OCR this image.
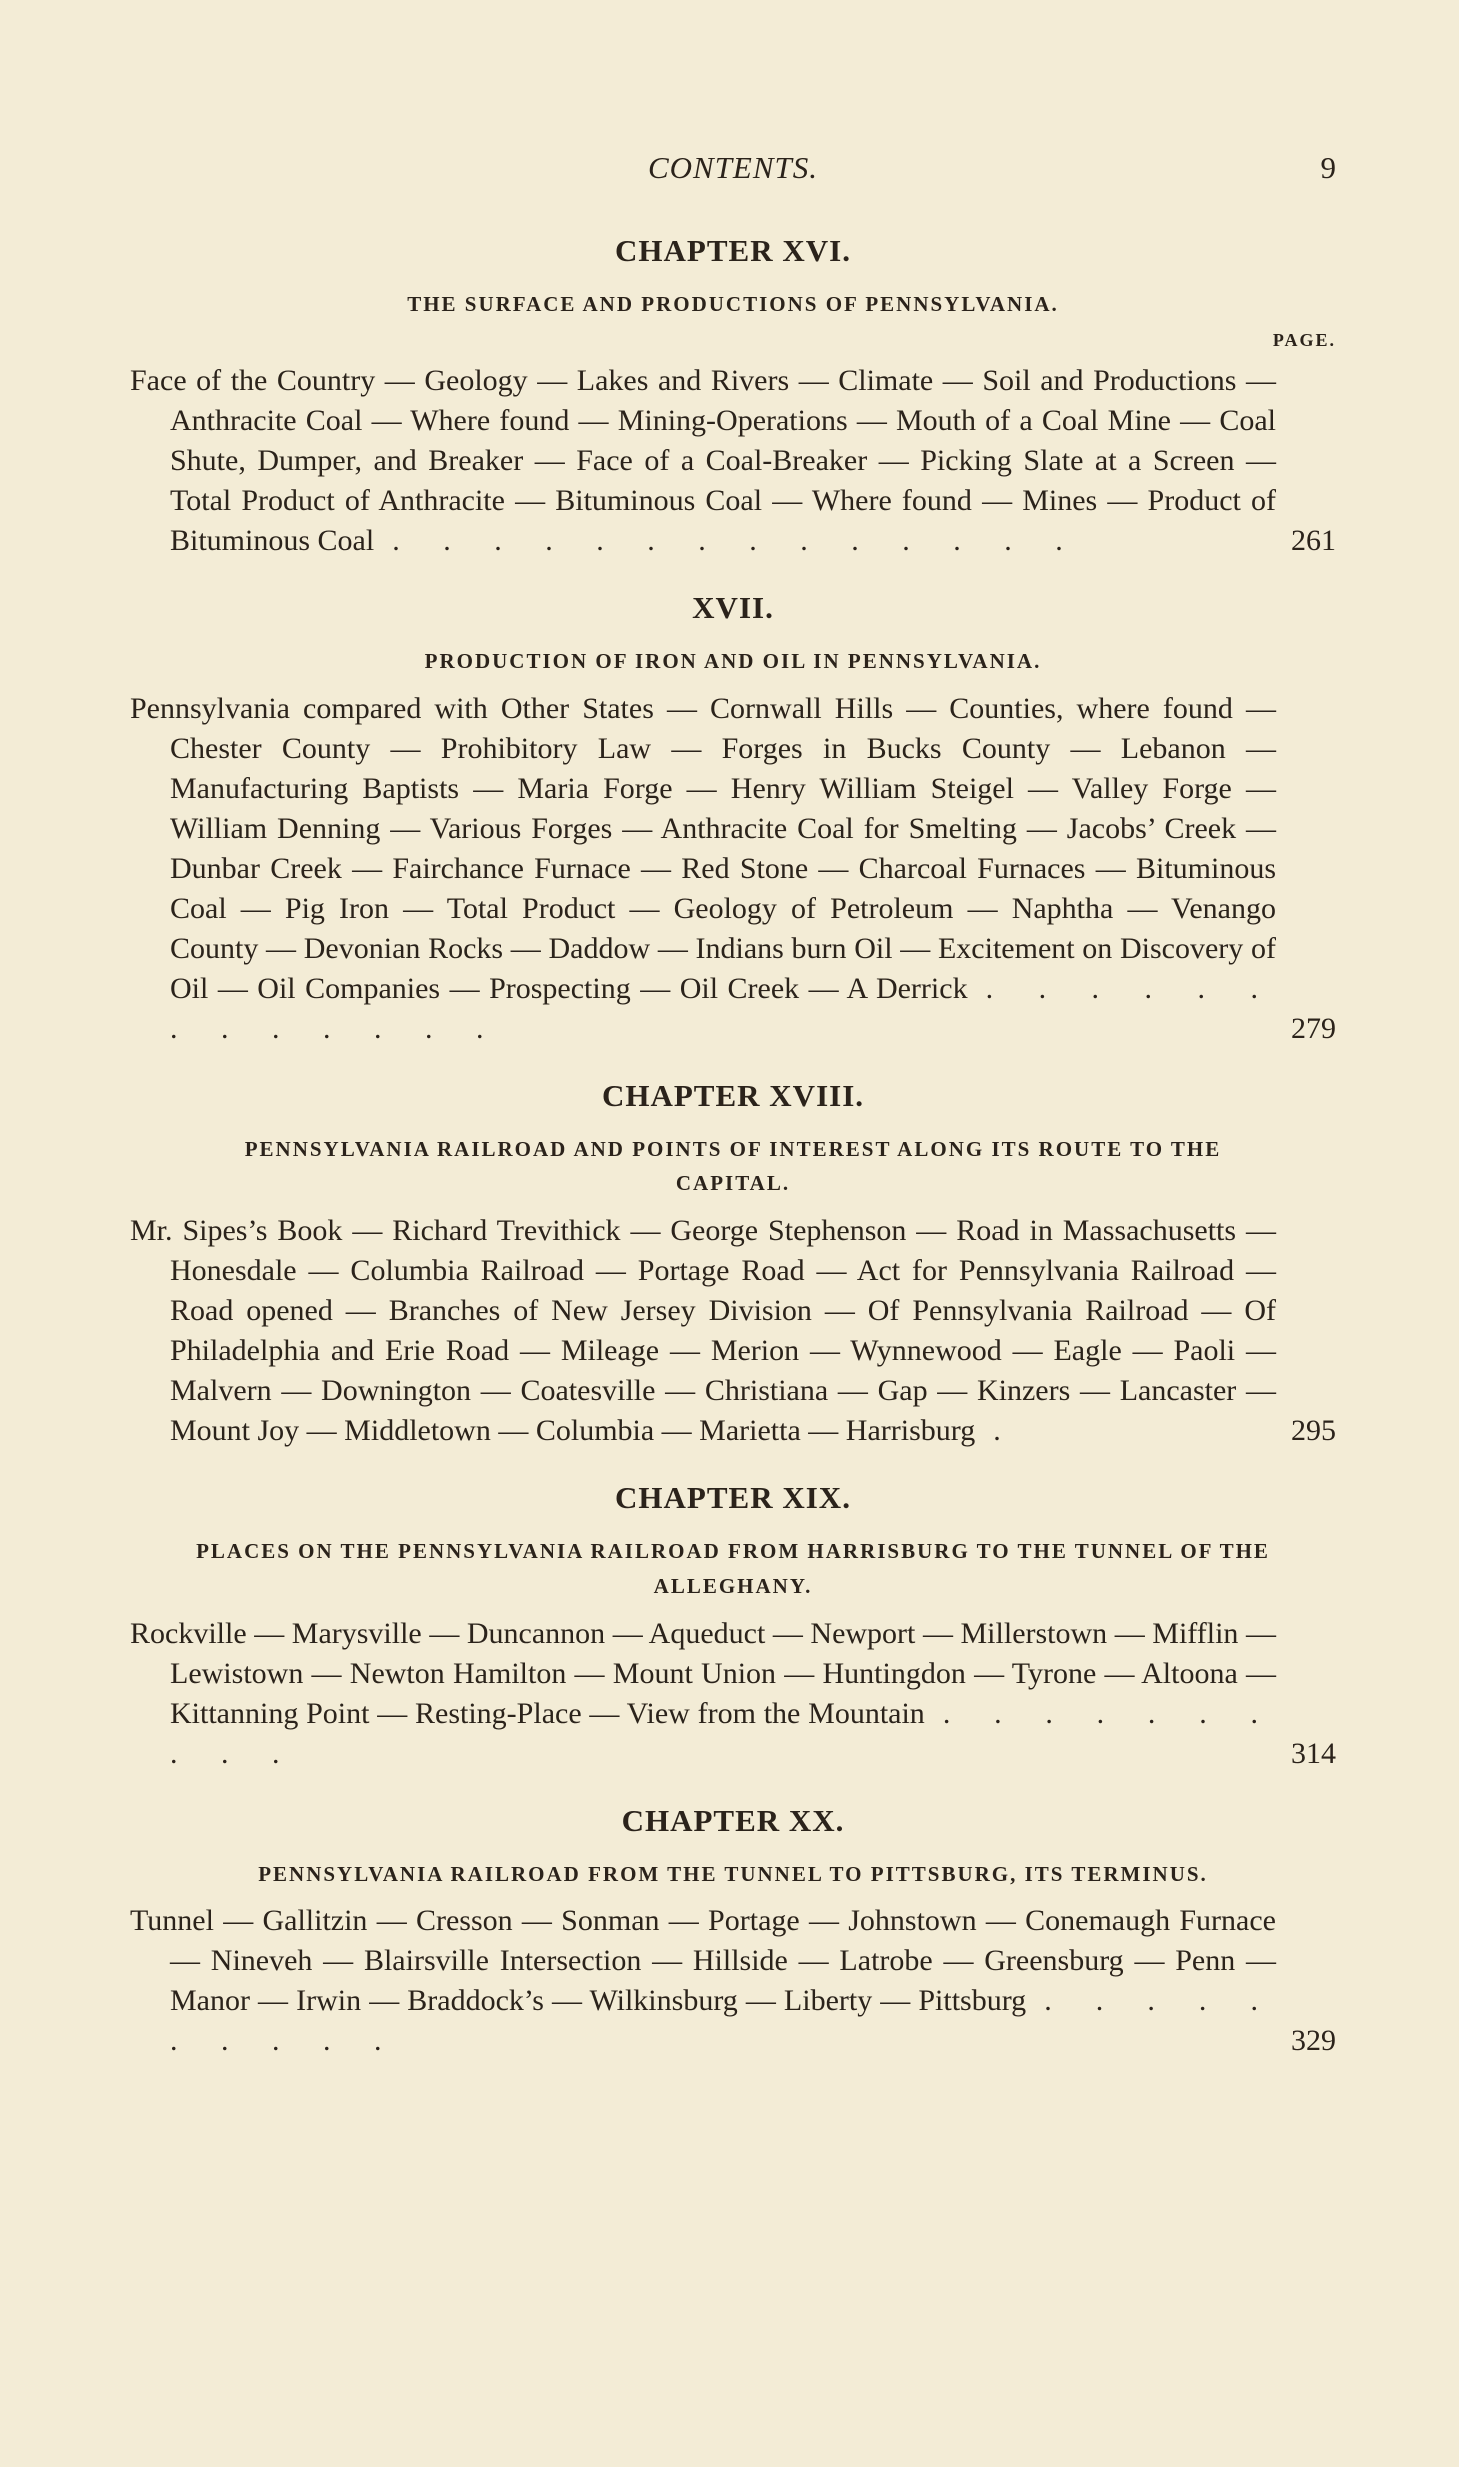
CONTENTS.	9
CHAPTER XVI.
THE SURFACE AND PRODUCTIONS OF PENNSYLVANIA.
PAGE.
Face of the Country — Geology — Lakes and Rivers — Climate — Soil and Productions — Anthracite Coal — Where found — Mining-Operations — Mouth of a Coal Mine — Coal Shute, Dumper, and Breaker — Face of a Coal-Breaker — Picking Slate at a Screen — Total Product of Anthracite — Bituminous Coal — Where found — Mines — Product of Bituminous Coal . . . . . . . . . . . . . .	261
XVII.
PRODUCTION OF IRON AND OIL IN PENNSYLVANIA.
Pennsylvania compared with Other States — Cornwall Hills — Counties, where found — Chester County — Prohibitory Law — Forges in Bucks County — Lebanon — Manufacturing Baptists — Maria Forge — Henry William Steigel — Valley Forge — William Denning — Various Forges — Anthracite Coal for Smelting — Jacobs’ Creek — Dunbar Creek — Fairchance Furnace — Red Stone — Charcoal Furnaces — Bituminous Coal — Pig Iron — Total Product — Geology of Petroleum — Naphtha — Venango County — Devonian Rocks — Daddow — Indians burn Oil — Excitement on Discovery of Oil — Oil Companies — Prospecting — Oil Creek — A Derrick . . . . . . . . . . . . .	279
CHAPTER XVIII.
PENNSYLVANIA RAILROAD AND POINTS OF INTEREST ALONG ITS ROUTE TO THE CAPITAL.
Mr. Sipes’s Book — Richard Trevithick — George Stephenson — Road in Massachusetts — Honesdale — Columbia Railroad — Portage Road — Act for Pennsylvania Railroad — Road opened — Branches of New Jersey Division — Of Pennsylvania Railroad — Of Philadelphia and Erie Road — Mileage — Merion — Wynnewood — Eagle — Paoli — Malvern — Downington — Coatesville — Christiana — Gap — Kinzers — Lancaster — Mount Joy — Middletown — Columbia — Marietta — Harrisburg .	295
CHAPTER XIX.
PLACES ON THE PENNSYLVANIA RAILROAD FROM HARRISBURG TO THE TUNNEL OF THE ALLEGHANY.
Rockville — Marysville — Duncannon — Aqueduct — Newport — Millerstown — Mifflin — Lewistown — Newton Hamilton — Mount Union — Huntingdon — Tyrone — Altoona — Kittanning Point — Resting-Place — View from the Mountain . . . . . . . . . .	314
CHAPTER XX.
PENNSYLVANIA RAILROAD FROM THE TUNNEL TO PITTSBURG, ITS TERMINUS.
Tunnel — Gallitzin — Cresson — Sonman — Portage — Johnstown — Conemaugh Furnace — Nineveh — Blairsville Intersection — Hillside — Latrobe — Greensburg — Penn — Manor — Irwin — Braddock’s — Wilkinsburg — Liberty — Pittsburg . . . . . . . . . .	329
